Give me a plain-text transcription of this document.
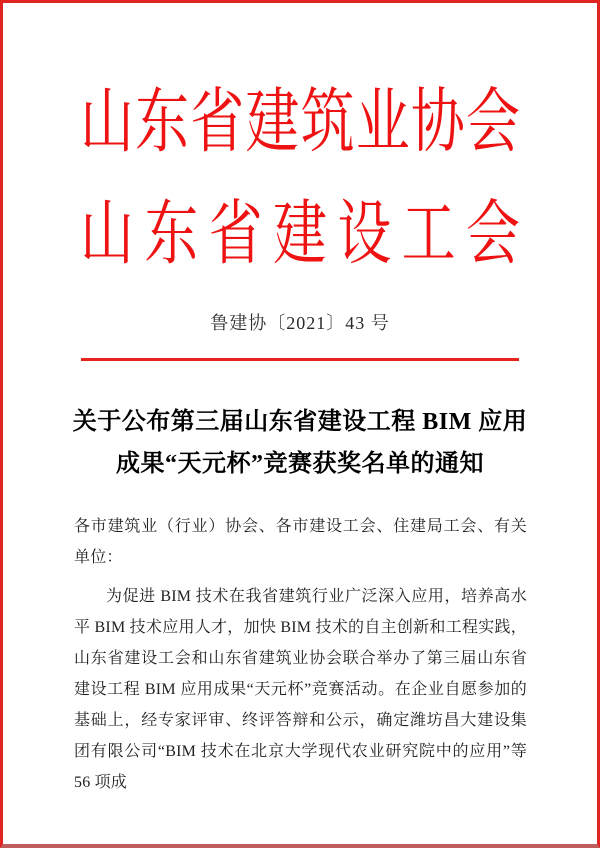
山东省建筑业协会
山东省建设工会
鲁建协〔2021〕43 号
关于公布第三届山东省建设工程 BIM 应用
成果“天元杯”竞赛获奖名单的通知

各市建筑业（行业）协会、各市建设工会、住建局工会、有关单位：

为促进 BIM 技术在我省建筑行业广泛深入应用，培养高水平 BIM 技术应用人才，加快 BIM 技术的自主创新和工程实践，山东省建设工会和山东省建筑业协会联合举办了第三届山东省建设工程 BIM 应用成果“天元杯”竞赛活动。在企业自愿参加的基础上，经专家评审、终评答辩和公示，确定潍坊昌大建设集团有限公司“BIM 技术在北京大学现代农业研究院中的应用”等 56 项成
